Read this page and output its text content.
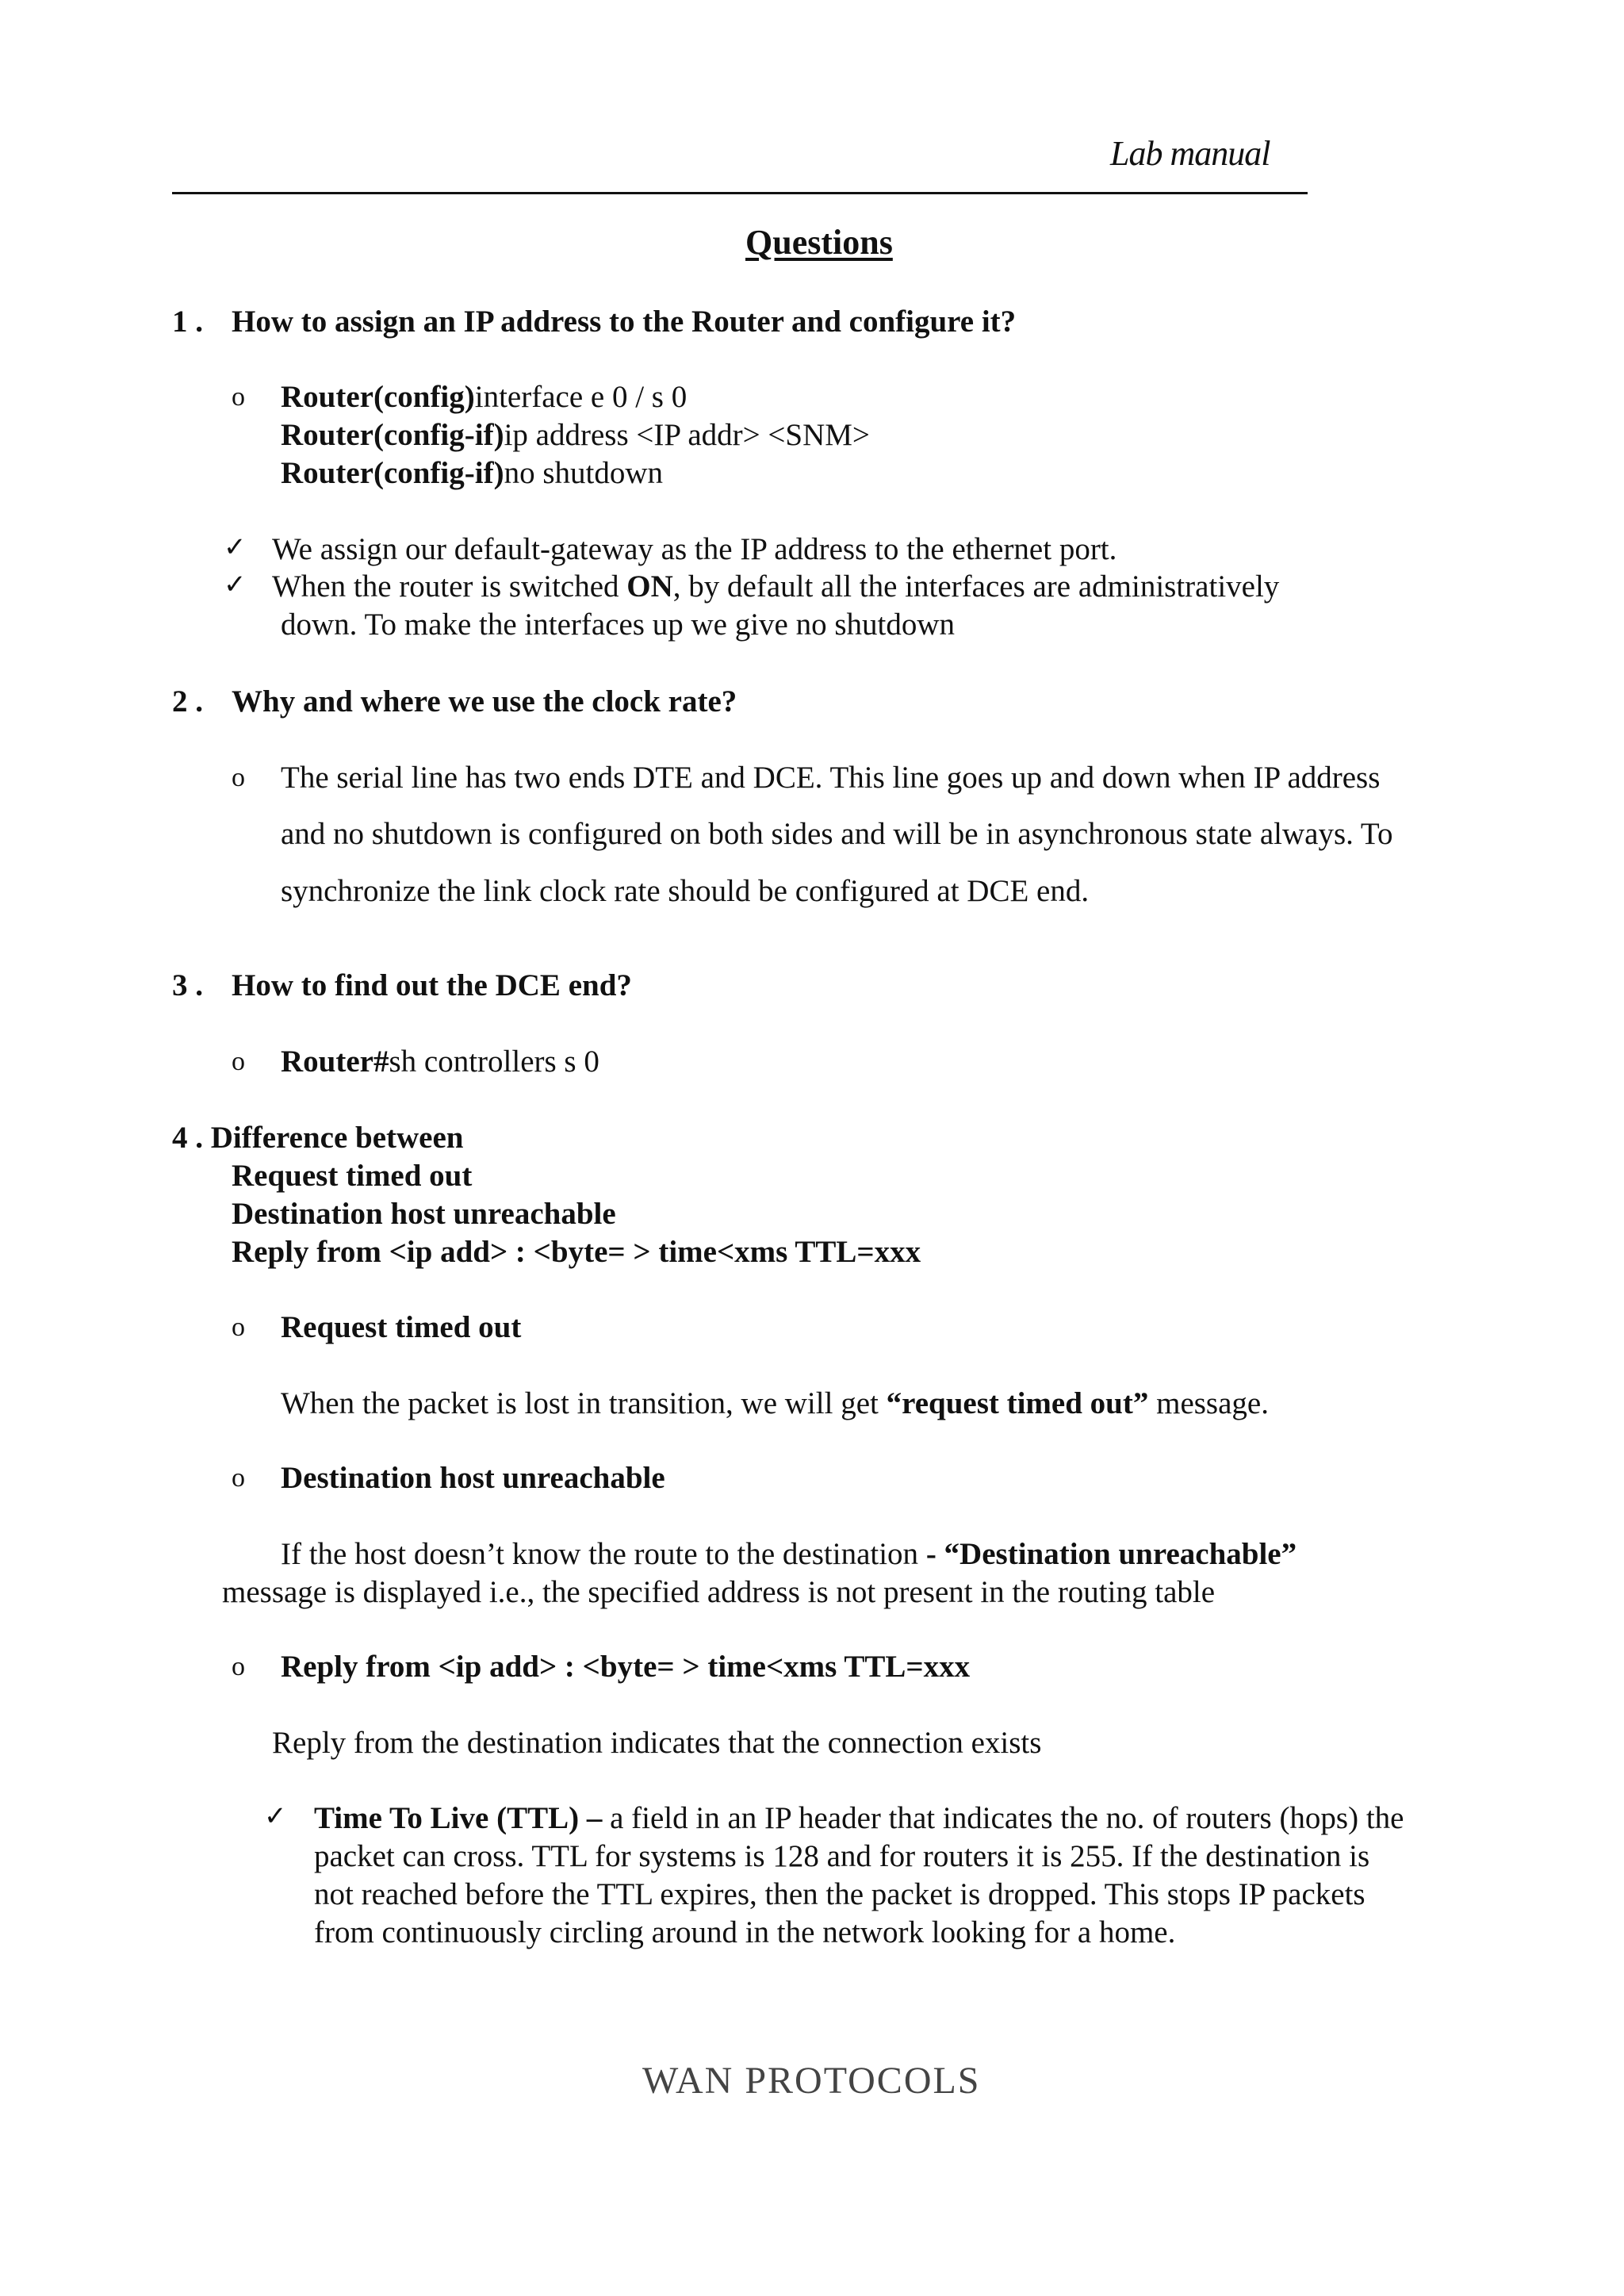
Lab manual
Questions
1 . How to assign an IP address to the Router and configure it?
o Router(config)interface e 0 / s 0
Router(config-if)ip address <IP addr> <SNM>
Router(config-if)no shutdown
✓ We assign our default-gateway as the IP address to the ethernet port.
✓ When the router is switched ON, by default all the interfaces are administratively
down. To make the interfaces up we give no shutdown
2 . Why and where we use the clock rate?
o The serial line has two ends DTE and DCE. This line goes up and down when IP address
and no shutdown is configured on both sides and will be in asynchronous state always. To
synchronize the link clock rate should be configured at DCE end.
3 . How to find out the DCE end?
o Router#sh controllers s 0
4 . Difference between
Request timed out
Destination host unreachable
Reply from <ip add> : <byte= > time<xms TTL=xxx
o Request timed out
When the packet is lost in transition, we will get “request timed out” message.
o Destination host unreachable
If the host doesn’t know the route to the destination - “Destination unreachable”
message is displayed i.e., the specified address is not present in the routing table
o Reply from <ip add> : <byte= > time<xms TTL=xxx
Reply from the destination indicates that the connection exists
✓ Time To Live (TTL) – a field in an IP header that indicates the no. of routers (hops) the
packet can cross. TTL for systems is 128 and for routers it is 255. If the destination is
not reached before the TTL expires, then the packet is dropped. This stops IP packets
from continuously circling around in the network looking for a home.
WAN PROTOCOLS
